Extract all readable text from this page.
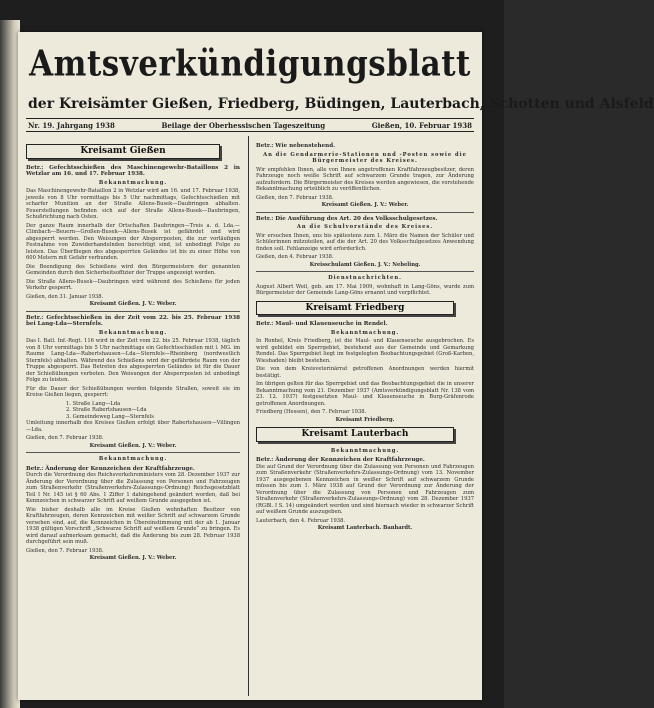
Amtsverkündigungsblatt
der Kreisämter Gießen, Friedberg, Büdingen, Lauterbach, Schotten und Alsfeld
Nr. 19. Jahrgang 1938	Beilage der Oberhessischen Tageszeitung	Gießen, 10. Februar 1938
Kreisamt Gießen
Betr.: Gefechtsschießen des Maschinengewehr-Bataillons 2 in Wetzlar am 16. und 17. Februar 1938.
Bekanntmachung.

Das Maschinengewehr-Bataillon 2 in Wetzlar wird am 16. und 17. Februar 1938, jeweils von 8 Uhr vormittags bis 5 Uhr nachmittags, Gefechtsschießen mit scharfer Munition an der Straße Allens-Busek—Daubringen abhalten. Feuerstellungen befinden sich auf der Straße Allens-Busek—Daubringen, Schußrichtung nach Osten.

Der ganze Raum innerhalb der Ortschaften Daubringen—Treis a. d. Lda.—Climbach—Beuern—Großen-Busek—Allens-Busek ist gefährdet und wird abgesperrt werden. Den Weisungen der Absperrposten, die zur vorläufigen Festnahme von Zuwiderhandelnden berechtigt sind, ist unbedingt Folge zu leisten. Das Überfliegen des abgesperrten Geländes ist bis zu einer Höhe von 600 Metern mit Gefahr verbunden.

Die Beendigung des Schießens wird den Bürgermeistern der genannten Gemeinden durch den Sicherheitsoffizier der Truppe angezeigt werden.

Die Straße Allens-Busek—Daubringen wird während des Schießens für jeden Verkehr gesperrt.

Gießen, den 31. Januar 1938.
Kreisamt Gießen. J. V.: Weber.
Betr.: Gefechtsschießen in der Zeit vom 22. bis 25. Februar 1938 bei Lang-Lda—Sternfels.
Bekanntmachung.

Das I. Batl. Inf.-Regt. 116 wird in der Zeit vom 22. bis 25. Februar 1938, täglich von 8 Uhr vormittags bis 5 Uhr nachmittags ein Gefechtsschießen mit l. MG. im Raume Lang-Lda—Rabertshausen—Lda—Sternfels—Rheinberg (nordwestlich Sternfels) abhalten. Während des Schießens wird der gefährdete Raum von der Truppe abgesperrt. Das Betreten des abgesperrten Geländes ist für die Dauer der Schießübungen verboten. Den Weisungen der Absperrposten ist unbedingt Folge zu leisten.

Für die Dauer der Schießübungen werden folgende Straßen, soweit sie im Kreise Gießen liegen, gesperrt:

1. Straße Lang—Lda
2. Straße Rabertshausen—Lda
3. Gemeindeweg Lang—Sternfels

Umleitung innerhalb des Kreises Gießen erfolgt über Rabertshausen—Villingen—Lda.

Gießen, den 7. Februar 1938.
Kreisamt Gießen. J. V.: Weber.
Bekanntmachung.
Betr.: Änderung der Kennzeichen der Kraftfahrzeuge.

Durch die Verordnung des Reichsverkehrsministers vom 28. Dezember 1937 zur Änderung der Verordnung über die Zulassung von Personen und Fahrzeugen zum Straßenverkehr (Straßenverkehrs-Zulassungs-Ordnung) Reichsgesetzblatt Teil I Nr. 145 ist § 60 Abs. 1 Ziffer 1 dahingehend geändert worden, daß bei Kennzeichen in schwarzer Schrift auf weißem Grunde ausgegeben ist.

Wie bisher deshalb alle im Kreise Gießen wohnhaften Besitzer von Kraftfahrzeugen, deren Kennzeichen mit weißer Schrift auf schwarzem Grunde versehen sind, auf, die Kennzeichen in Übereinstimmung mit der ab 1. Januar 1938 gültigen Vorschrift „Schwarze Schrift auf weißem Grunde“ zu bringen. Es wird darauf aufmerksam gemacht, daß die Änderung bis zum 28. Februar 1938 durchgeführt sein muß.

Gießen, den 7. Februar 1938.
Kreisamt Gießen. J. V.: Weber.
Betr.: Wie nebenstehend.
An die Gendarmerie-Stationen und -Posten sowie die Bürgermeister des Kreises.

Wir empfehlen Ihnen, alle von Ihnen angetroffenen Kraftfahrzeugbesitzer, deren Fahrzeuge noch weiße Schrift auf schwarzem Grunde tragen, zur Änderung aufzufordern. Die Bürgermeister des Kreises werden angewiesen, die vorstehende Bekanntmachung ortsüblich zu veröffentlichen.

Gießen, den 7. Februar 1938.
Kreisamt Gießen. J. V.: Weber.
Betr.: Die Ausführung des Art. 20 des Volksschulgesetzes.
An die Schulvorstände des Kreises.

Wir ersuchen Ihnen, uns bis spätestens zum 1. März die Namen der Schüler und Schülerinnen mitzuteilen, auf die der Art. 20 des Volksschulgesetzes Anwendung finden soll. Fehlanzeige wird erforderlich.

Gießen, den 4. Februar 1938.
Kreisschulamt Gießen. J. V.: Nebeling.
Dienstnachrichten.

August Albert Weil, geb. am 17. Mai 1909, wohnhaft in Lang-Göns, wurde zum Bürgermeister der Gemeinde Lang-Göns ernannt und verpflichtet.

Kreisamt Friedberg
Betr.: Maul- und Klauenseuche in Rendel.
Bekanntmachung.

In Ronhel, Kreis Friedberg, ist die Maul- und Klauenseuche ausgebrochen. Es wird gebildet ein Sperrgebiet, bestehend aus der Gemeinde und Gemarkung Rendel. Das Sperrgebiet liegt im festgelegten Beobachtungsgebiet (Groß-Karben, Wiesbaden) bleibt bestehen.

Die von dem Kreisveterinärrat getroffenen Anordnungen werden hiermit bestätigt.

Im übrigen gelten für das Sperrgebiet und das Beobachtungsgebiet die in unserer Bekanntmachung vom 21. Dezember 1937 (Amtsverkündigungsblatt Nr. 138 vom 23. 12. 1937) festgesetzten Maul- und Klauenseuche in Burg-Gräfenrode getroffenen Anordnungen.

Friedberg (Hessen), den 7. Februar 1938.
Kreisamt Friedberg.
Kreisamt Lauterbach
Bekanntmachung.
Betr.: Änderung der Kennzeichen der Kraftfahrzeuge.

Die auf Grund der Verordnung über die Zulassung von Personen und Fahrzeugen zum Straßenverkehr (Straßenverkehrs-Zulassungs-Ordnung) vom 13. November 1937 ausgegebenen Kennzeichen in weißer Schrift auf schwarzem Grunde müssen bis zum 1. März 1938 auf Grund der Verordnung zur Änderung der Verordnung über die Zulassung von Personen und Fahrzeugen zum Straßenverkehr (Straßenverkehrs-Zulassungs-Ordnung) vom 28. Dezember 1937 (RGBl. I S. 14) umgeändert werden und sind hiernach wieder in schwarzer Schrift auf weißem Grunde auszugeben.

Lauterbach, den 4. Februar 1938.
Kreisamt Lauterbach. Banhardt.
